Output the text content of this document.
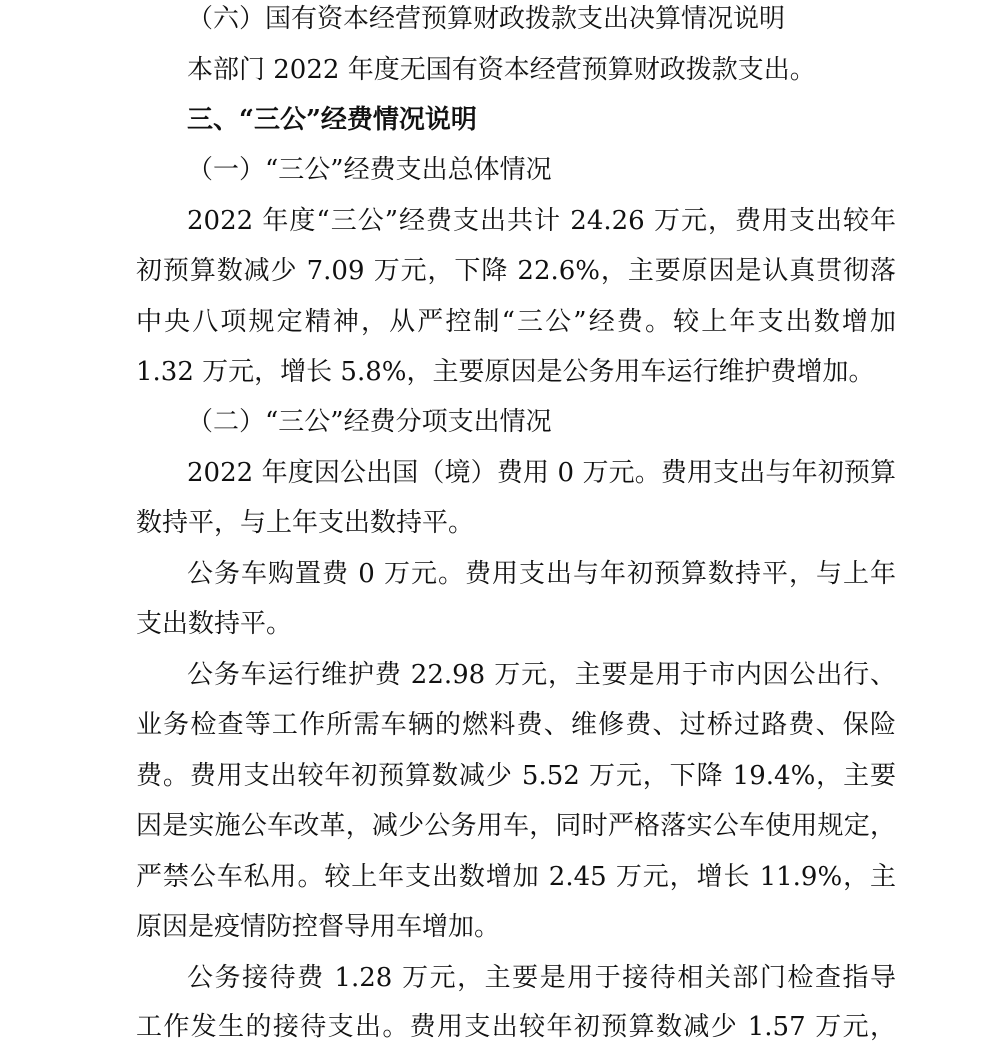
（六）国有资本经营预算财政拨款支出决算情况说明
本部门 2022 年度无国有资本经营预算财政拨款支出。
三、“三公”经费情况说明
（一）“三公”经费支出总体情况
2022 年度“三公”经费支出共计 24.26 万元，费用支出较年
初预算数减少 7.09 万元，下降 22.6%，主要原因是认真贯彻落
中央八项规定精神，从严控制“三公”经费。较上年支出数增加
1.32 万元，增长 5.8%，主要原因是公务用车运行维护费增加。
（二）“三公”经费分项支出情况
2022 年度因公出国（境）费用 0 万元。费用支出与年初预算
数持平，与上年支出数持平。
公务车购置费 0 万元。费用支出与年初预算数持平，与上年
支出数持平。
公务车运行维护费 22.98 万元，主要是用于市内因公出行、
业务检查等工作所需车辆的燃料费、维修费、过桥过路费、保险
费。费用支出较年初预算数减少 5.52 万元，下降 19.4%，主要
因是实施公车改革，减少公务用车，同时严格落实公车使用规定，
严禁公车私用。较上年支出数增加 2.45 万元，增长 11.9%，主
原因是疫情防控督导用车增加。
公务接待费 1.28 万元，主要是用于接待相关部门检查指导
工作发生的接待支出。费用支出较年初预算数减少 1.57 万元，
